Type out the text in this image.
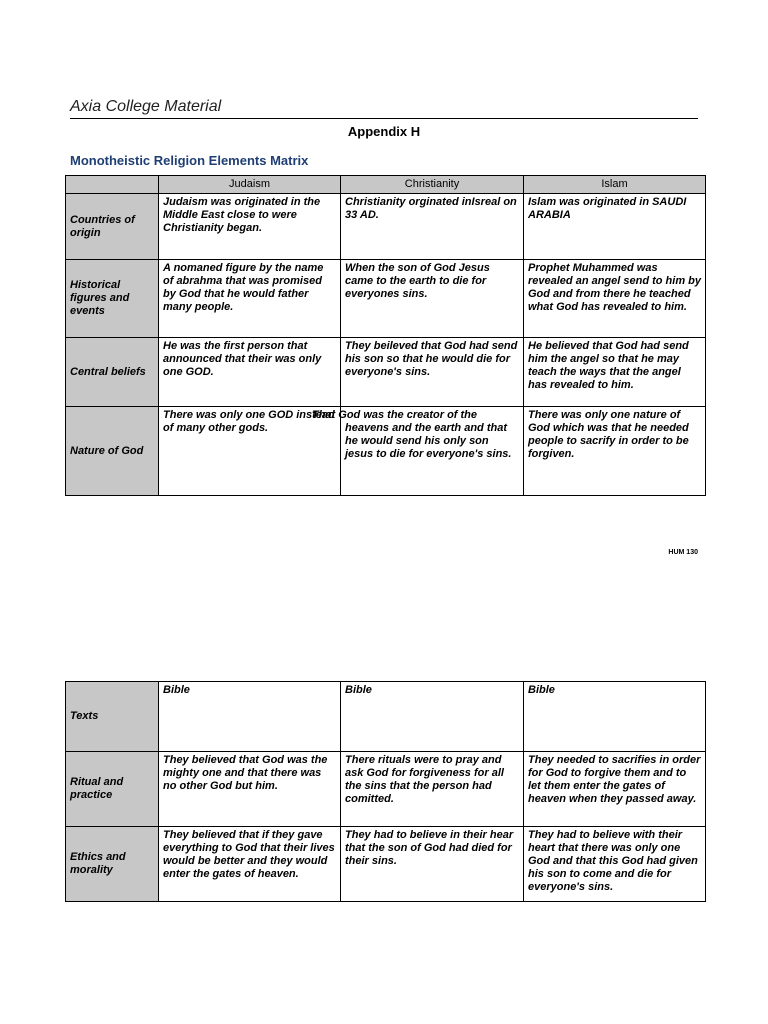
Axia College Material
Appendix H
Monotheistic Religion Elements Matrix
	Judaism	Christianity	Islam
Countries of origin	Judaism was originated in the Middle East close to were Christianity began.	Christianity orginated inIsreal on 33 AD.	Islam was originated in SAUDI ARABIA
Historical figures and events	A nomaned figure by the name of abrahma that was promised by God that he would father many people.	When the son of God Jesus came to the earth to die for everyones sins.	Prophet Muhammed was revealed an angel send to him by God and from there he teached what God has revealed to him.
Central beliefs	He was the first person that announced that their was only one GOD.	They beileved that God had send his son so that he would die for everyone's sins.	He believed that God had send him the angel so that he may teach the ways that the angel has revealed to him.
Nature of God	There was only one GOD instead of many other gods.	That God was the creator of the heavens and the earth and that he would send his only son jesus to die for everyone's sins.	There was only one nature of God which was that he needed people to sacrify in order to be forgiven.
HUM 130
Texts	Bible	Bible	Bible
Ritual and practice	They believed that God was the mighty one and that there was no other God but him.	There rituals were to pray and ask God for forgiveness for all the sins that the person had comitted.	They needed to sacrifies in order for God to forgive them and to let them enter the gates of heaven when they passed away.
Ethics and morality	They believed that if they gave everything to God that their lives would be better and they would enter the gates of heaven.	They had to believe in their hear that the son of God had died for their sins.	They had to believe with their heart that there was only one God and that this God had given his son to come and die for everyone's sins.
